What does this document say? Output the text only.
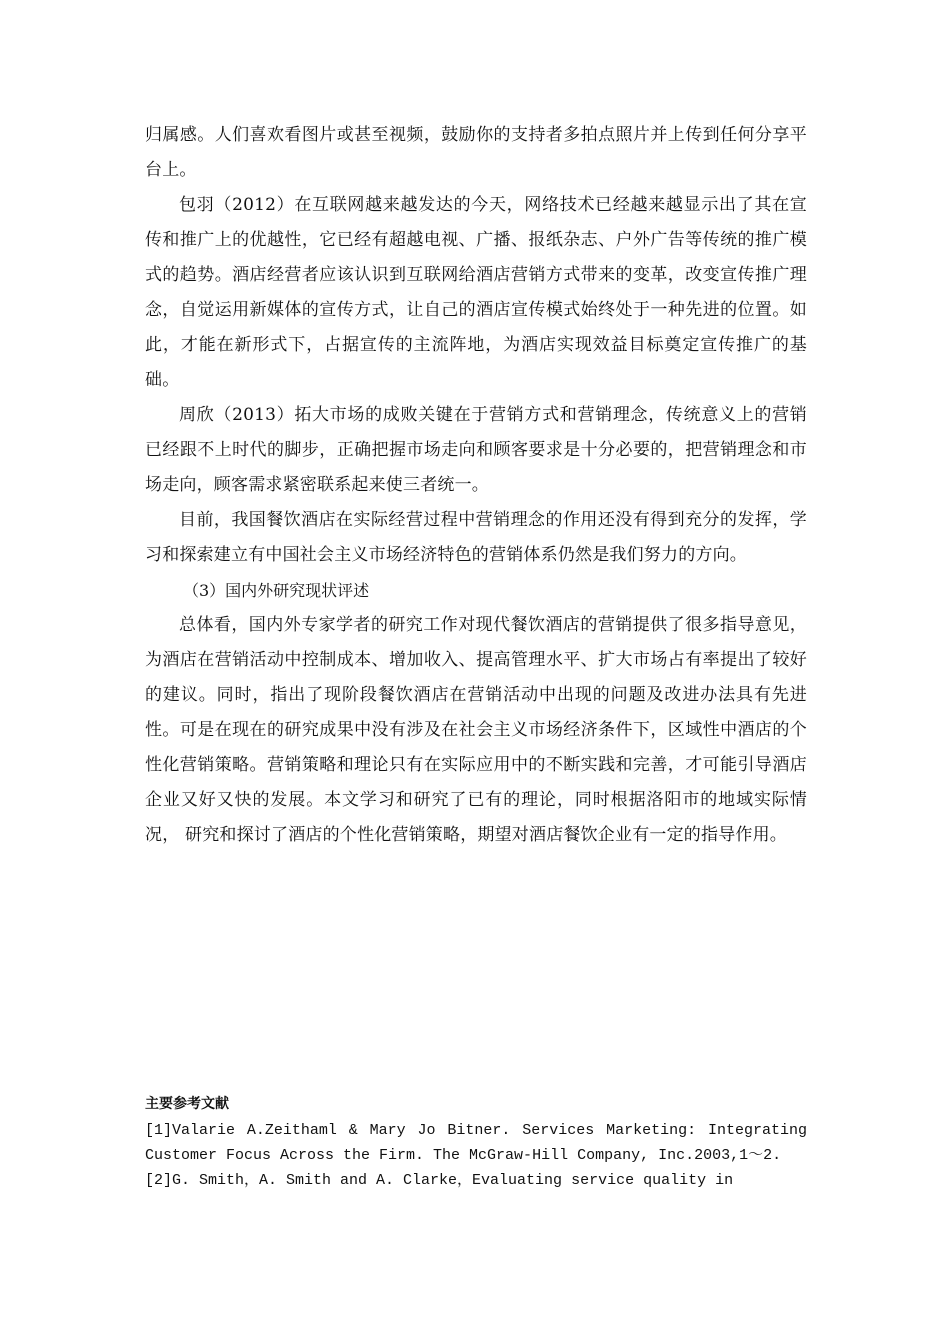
归属感。人们喜欢看图片或甚至视频，鼓励你的支持者多拍点照片并上传到任何分享平台上。

包羽（2012）在互联网越来越发达的今天，网络技术已经越来越显示出了其在宣传和推广上的优越性，它已经有超越电视、广播、报纸杂志、户外广告等传统的推广模式的趋势。酒店经营者应该认识到互联网给酒店营销方式带来的变革，改变宣传推广理念，自觉运用新媒体的宣传方式，让自己的酒店宣传模式始终处于一种先进的位置。如此，才能在新形式下，占据宣传的主流阵地，为酒店实现效益目标奠定宣传推广的基础。

周欣（2013）拓大市场的成败关键在于营销方式和营销理念，传统意义上的营销已经跟不上时代的脚步，正确把握市场走向和顾客要求是十分必要的，把营销理念和市场走向，顾客需求紧密联系起来使三者统一。

目前，我国餐饮酒店在实际经营过程中营销理念的作用还没有得到充分的发挥，学习和探索建立有中国社会主义市场经济特色的营销体系仍然是我们努力的方向。

（3）国内外研究现状评述

总体看，国内外专家学者的研究工作对现代餐饮酒店的营销提供了很多指导意见，为酒店在营销活动中控制成本、增加收入、提高管理水平、扩大市场占有率提出了较好的建议。同时，指出了现阶段餐饮酒店在营销活动中出现的问题及改进办法具有先进性。可是在现在的研究成果中没有涉及在社会主义市场经济条件下，区域性中酒店的个性化营销策略。营销策略和理论只有在实际应用中的不断实践和完善，才可能引导酒店企业又好又快的发展。本文学习和研究了已有的理论，同时根据洛阳市的地域实际情况， 研究和探讨了酒店的个性化营销策略，期望对酒店餐饮企业有一定的指导作用。

主要参考文献

[1]Valarie A.Zeithaml & Mary Jo Bitner. Services Marketing: Integrating Customer Focus Across the Firm. The McGraw-Hill Company, Inc.2003,1～2.

[2]G. Smith，A. Smith and A. Clarke，Evaluating service quality in
